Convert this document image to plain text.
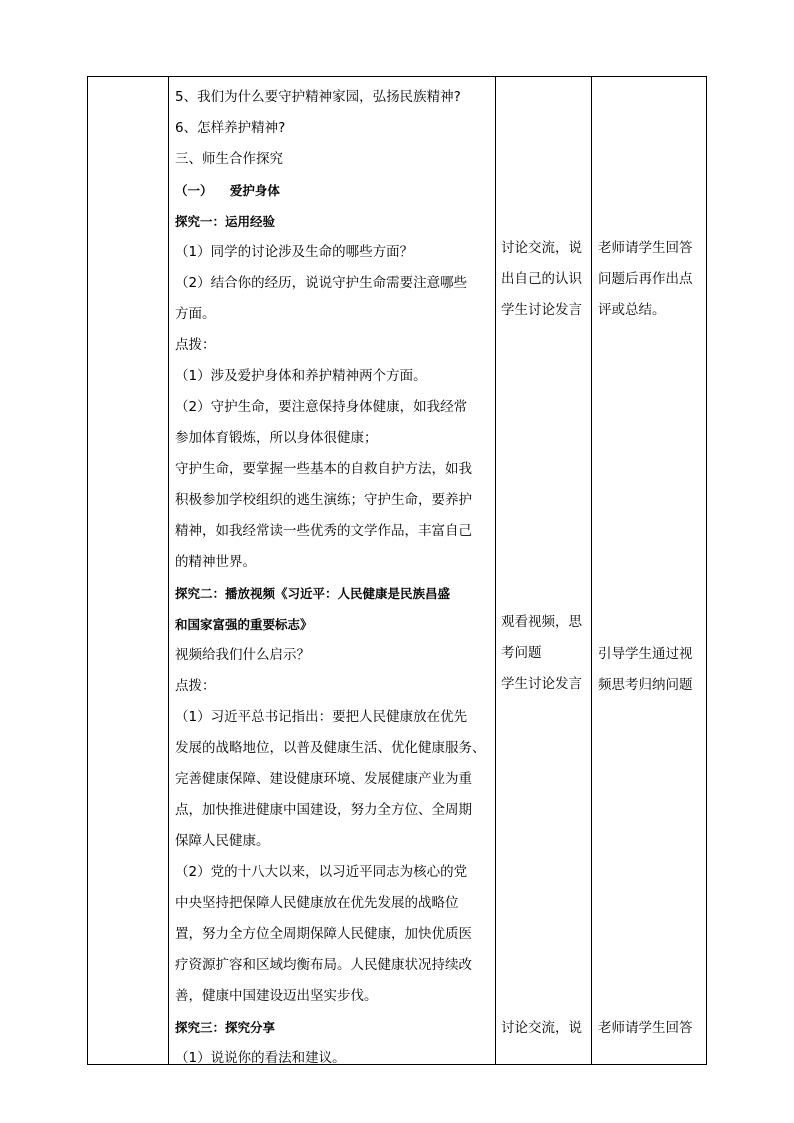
5、我们为什么要守护精神家园，弘扬民族精神?
6、怎样养护精神?
三、师生合作探究
（一）    爱护身体
探究一：运用经验
（1）同学的讨论涉及生命的哪些方面？
（2）结合你的经历，说说守护生命需要注意哪些
方面。
点拨：
（1）涉及爱护身体和养护精神两个方面。
（2）守护生命，要注意保持身体健康，如我经常
参加体育锻炼，所以身体很健康；
守护生命，要掌握一些基本的自救自护方法，如我
积极参加学校组织的逃生演练；守护生命，要养护
精神，如我经常读一些优秀的文学作品，丰富自己
的精神世界。
探究二：播放视频《习近平：人民健康是民族昌盛
和国家富强的重要标志》
视频给我们什么启示？
点拨：
（1）习近平总书记指出：要把人民健康放在优先
发展的战略地位，以普及健康生活、优化健康服务、
完善健康保障、建设健康环境、发展健康产业为重
点，加快推进健康中国建设，努力全方位、全周期
保障人民健康。
（2）党的十八大以来，以习近平同志为核心的党
中央坚持把保障人民健康放在优先发展的战略位
置，努力全方位全周期保障人民健康，加快优质医
疗资源扩容和区域均衡布局。人民健康状况持续改
善，健康中国建设迈出坚实步伐。
探究三：探究分享
（1）说说你的看法和建议。
讨论交流，说
出自己的认识
学生讨论发言
观看视频，思
考问题
学生讨论发言
讨论交流，说
老师请学生回答
问题后再作出点
评或总结。
引导学生通过视
频思考归纳问题
老师请学生回答
